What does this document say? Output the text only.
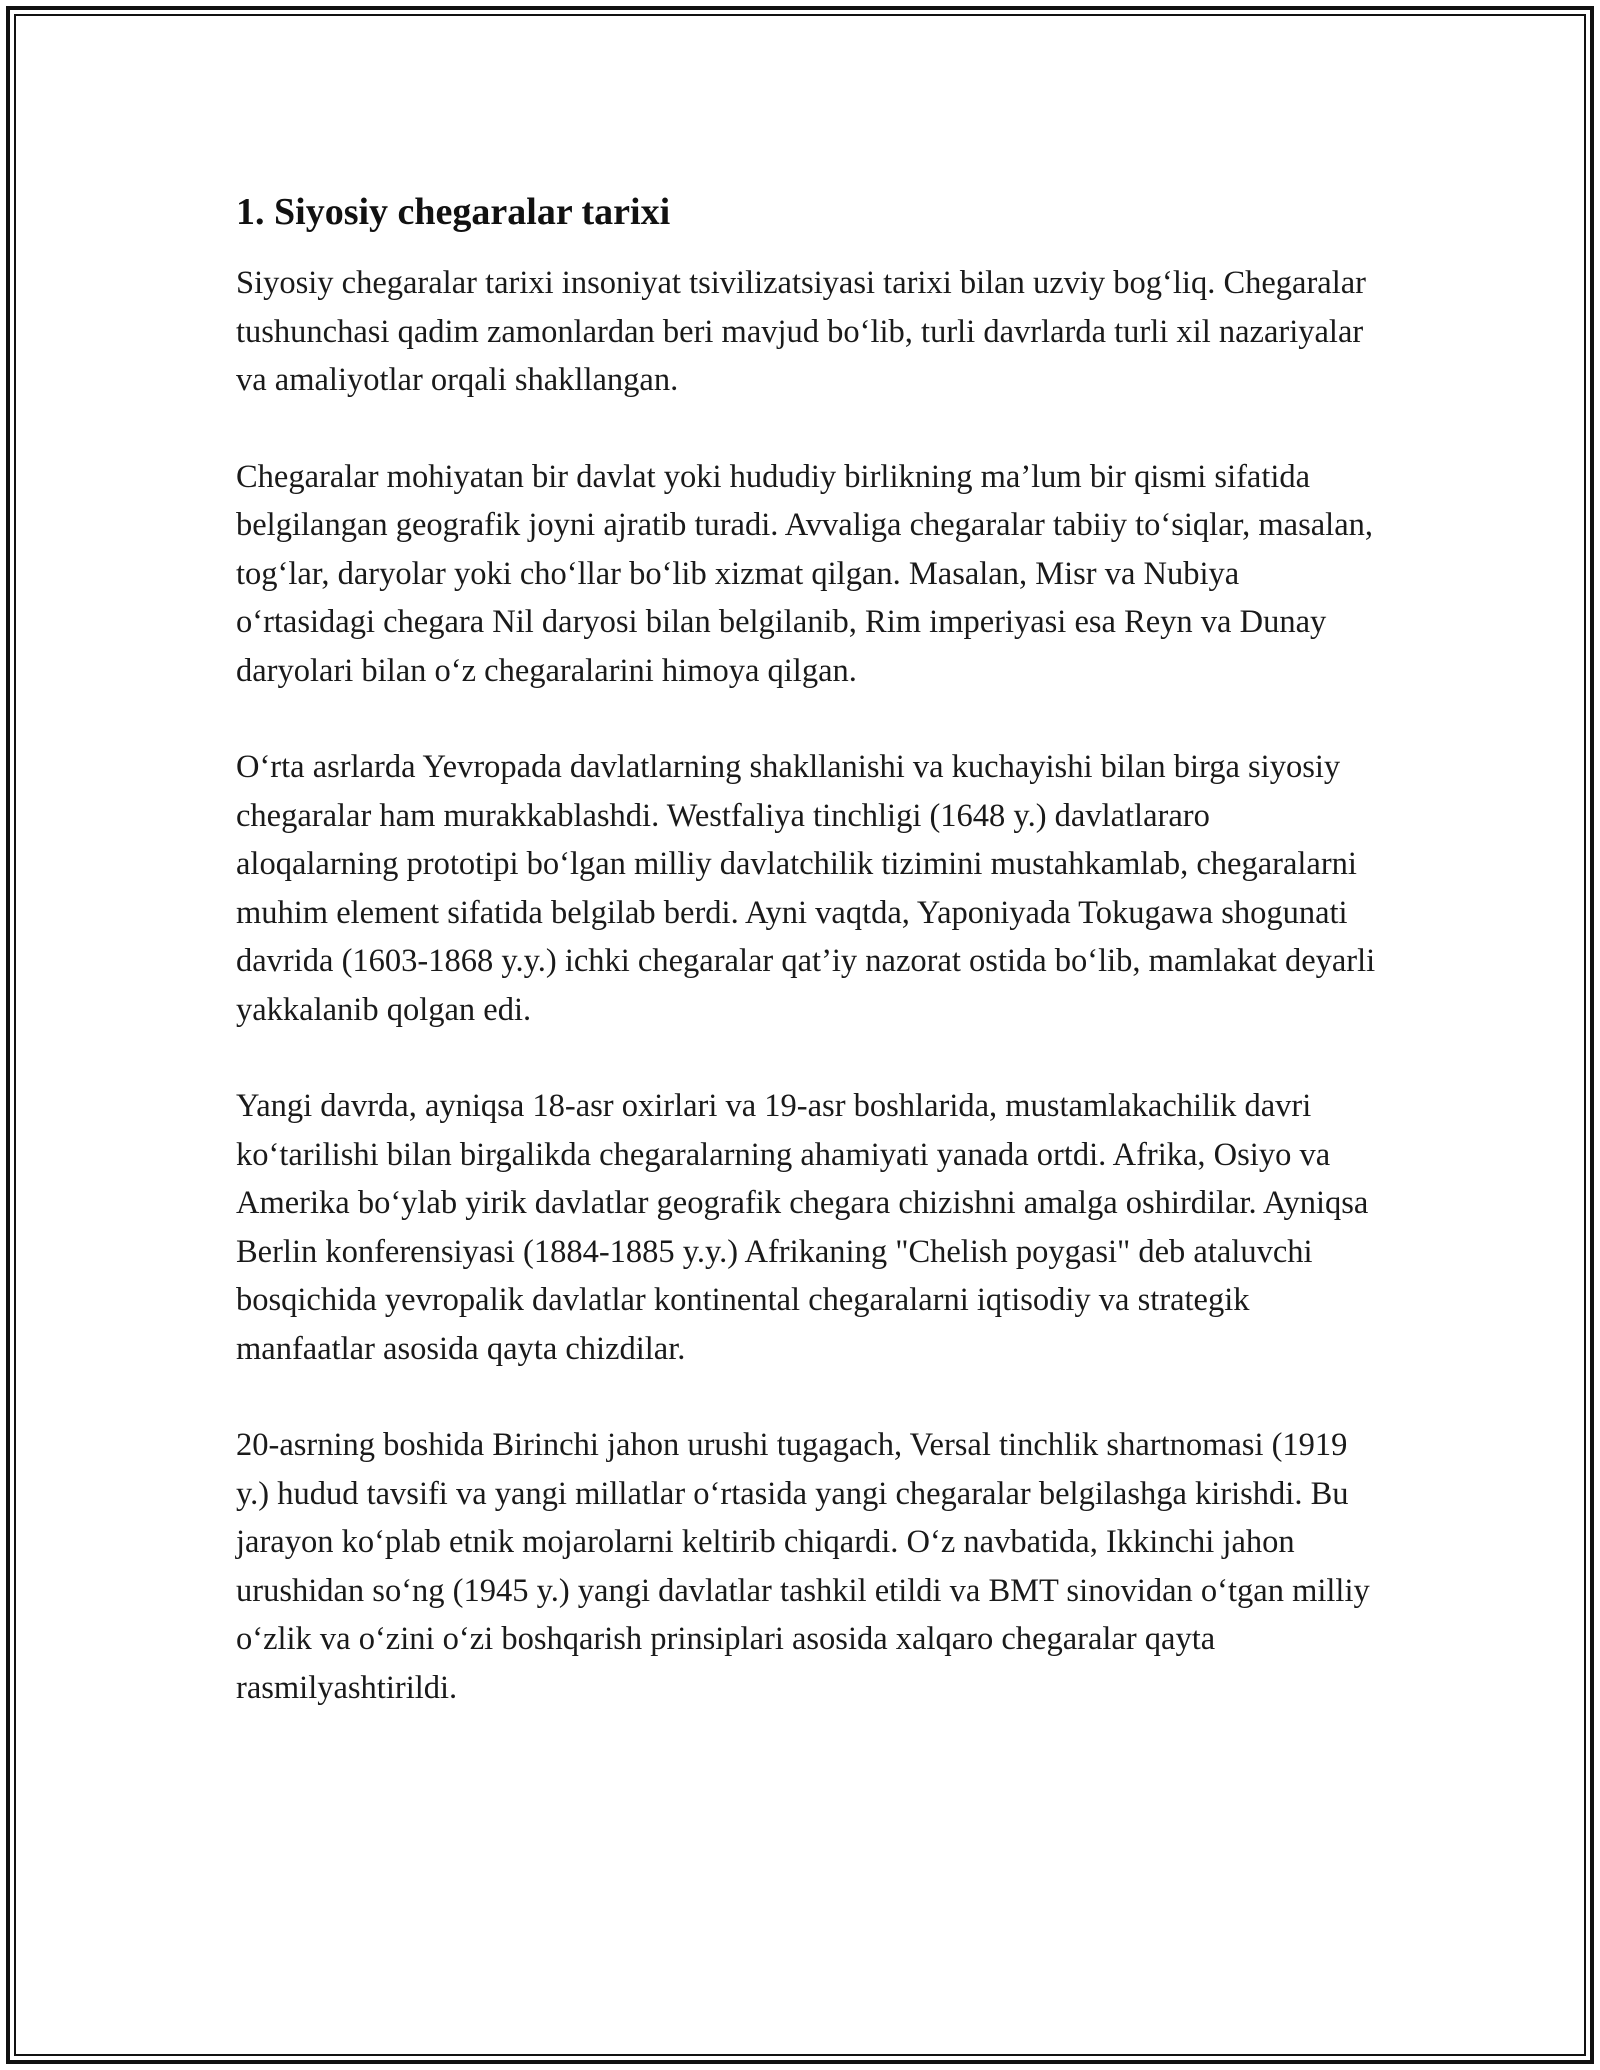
1. Siyosiy chegaralar tarixi

Siyosiy chegaralar tarixi insoniyat tsivilizatsiyasi tarixi bilan uzviy bog‘liq. Chegaralar tushunchasi qadim zamonlardan beri mavjud bo‘lib, turli davrlarda turli xil nazariyalar va amaliyotlar orqali shakllangan.

Chegaralar mohiyatan bir davlat yoki hududiy birlikning ma’lum bir qismi sifatida belgilangan geografik joyni ajratib turadi. Avvaliga chegaralar tabiiy to‘siqlar, masalan, tog‘lar, daryolar yoki cho‘llar bo‘lib xizmat qilgan. Masalan, Misr va Nubiya o‘rtasidagi chegara Nil daryosi bilan belgilanib, Rim imperiyasi esa Reyn va Dunay daryolari bilan o‘z chegaralarini himoya qilgan.

O‘rta asrlarda Yevropada davlatlarning shakllanishi va kuchayishi bilan birga siyosiy chegaralar ham murakkablashdi. Westfaliya tinchligi (1648 y.) davlatlararo aloqalarning prototipi bo‘lgan milliy davlatchilik tizimini mustahkamlab, chegaralarni muhim element sifatida belgilab berdi. Ayni vaqtda, Yaponiyada Tokugawa shogunati davrida (1603-1868 y.y.) ichki chegaralar qat’iy nazorat ostida bo‘lib, mamlakat deyarli yakkalanib qolgan edi.

Yangi davrda, ayniqsa 18-asr oxirlari va 19-asr boshlarida, mustamlakachilik davri ko‘tarilishi bilan birgalikda chegaralarning ahamiyati yanada ortdi. Afrika, Osiyo va Amerika bo‘ylab yirik davlatlar geografik chegara chizishni amalga oshirdilar. Ayniqsa Berlin konferensiyasi (1884-1885 y.y.) Afrikaning "Chelish poygasi" deb ataluvchi bosqichida yevropalik davlatlar kontinental chegaralarni iqtisodiy va strategik manfaatlar asosida qayta chizdilar.

20-asrning boshida Birinchi jahon urushi tugagach, Versal tinchlik shartnomasi (1919 y.) hudud tavsifi va yangi millatlar o‘rtasida yangi chegaralar belgilashga kirishdi. Bu jarayon ko‘plab etnik mojarolarni keltirib chiqardi. O‘z navbatida, Ikkinchi jahon urushidan so‘ng (1945 y.) yangi davlatlar tashkil etildi va BMT sinovidan o‘tgan milliy o‘zlik va o‘zini o‘zi boshqarish prinsiplari asosida xalqaro chegaralar qayta rasmilyashtirildi.
